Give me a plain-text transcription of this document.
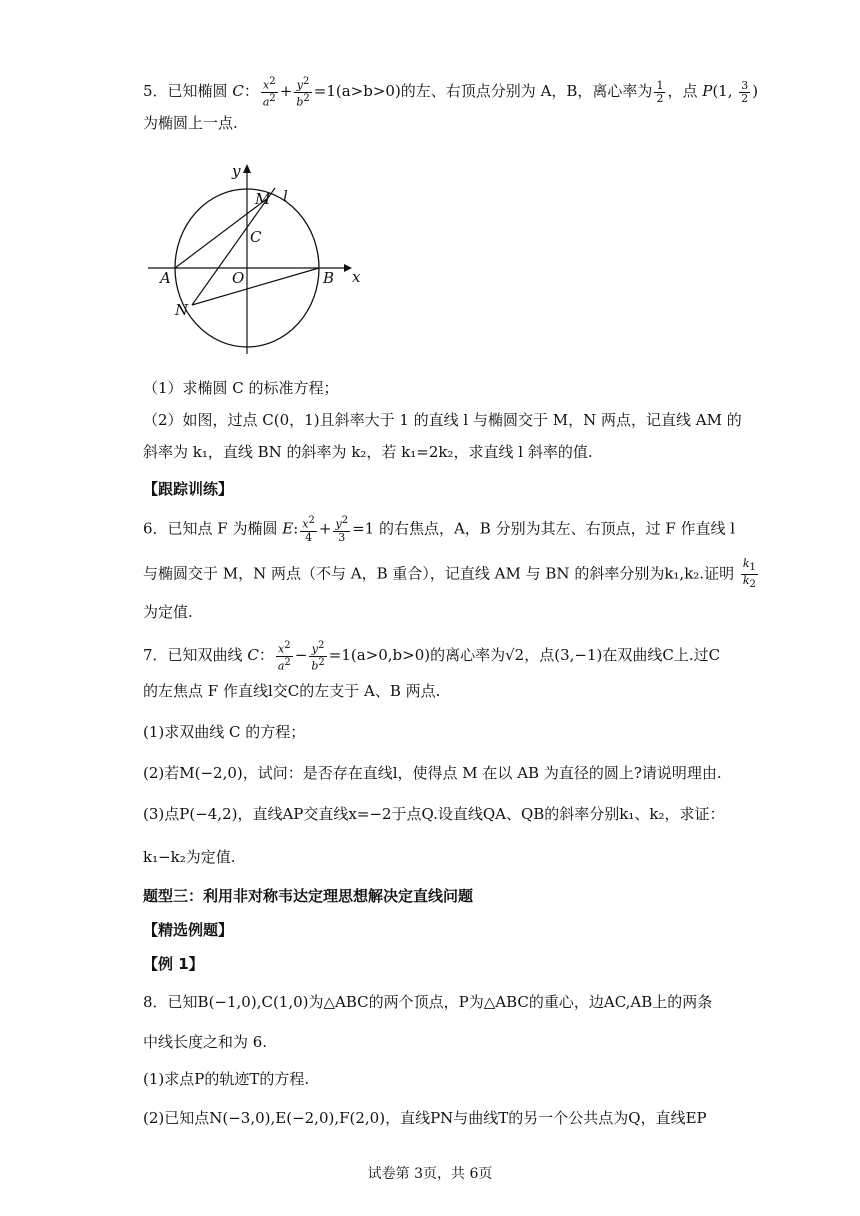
5．已知椭圆 C： $\frac{x^2}{a^2} + \frac{y^2}{b^2} =1(a>b>0)$的左、右顶点分别为 A，B，离心率为 $\frac{1}{2}$ ，点 P(1, $\frac{3}{2}$ )
为椭圆上一点.
y
x
M l
C
A	O	B
N
（1）求椭圆 C 的标准方程；
（2）如图，过点 C(0，1)且斜率大于 1 的直线 l 与椭圆交于 M，N 两点，记直线 AM 的
斜率为 k₁，直线 BN 的斜率为 k₂，若 k₁=2k₂，求直线 l 斜率的值.
【跟踪训练】
6．已知点 F 为椭圆 E: $\frac{x^2}{4} + \frac{y^2}{3} =1$ 的右焦点，A，B 分别为其左、右顶点，过 F 作直线 l
与椭圆交于 M，N 两点（不与 A，B 重合），记直线 AM 与 BN 的斜率分别为k₁,k₂.证明 $\frac{k_1}{k_2}$
为定值.
7．已知双曲线 C： $\frac{x^2}{a^2} - \frac{y^2}{b^2} =1(a>0,b>0)$的离心率为√2，点(3,−1)在双曲线C上.过C
的左焦点 F 作直线l交C的左支于 A、B 两点.
(1)求双曲线 C 的方程；
(2)若M(−2,0)，试问：是否存在直线l，使得点 M 在以 AB 为直径的圆上?请说明理由.
(3)点P(−4,2)，直线AP交直线x=−2于点Q.设直线QA、QB的斜率分别k₁、k₂，求证：
k₁−k₂为定值.
题型三：利用非对称韦达定理思想解决定直线问题
【精选例题】
【例 1】
8．已知B(−1,0),C(1,0)为△ABC的两个顶点，P为△ABC的重心，边AC,AB上的两条
中线长度之和为 6.
(1)求点P的轨迹T的方程.
(2)已知点N(−3,0),E(−2,0),F(2,0)，直线PN与曲线T的另一个公共点为Q，直线EP
试卷第 3页，共 6页
